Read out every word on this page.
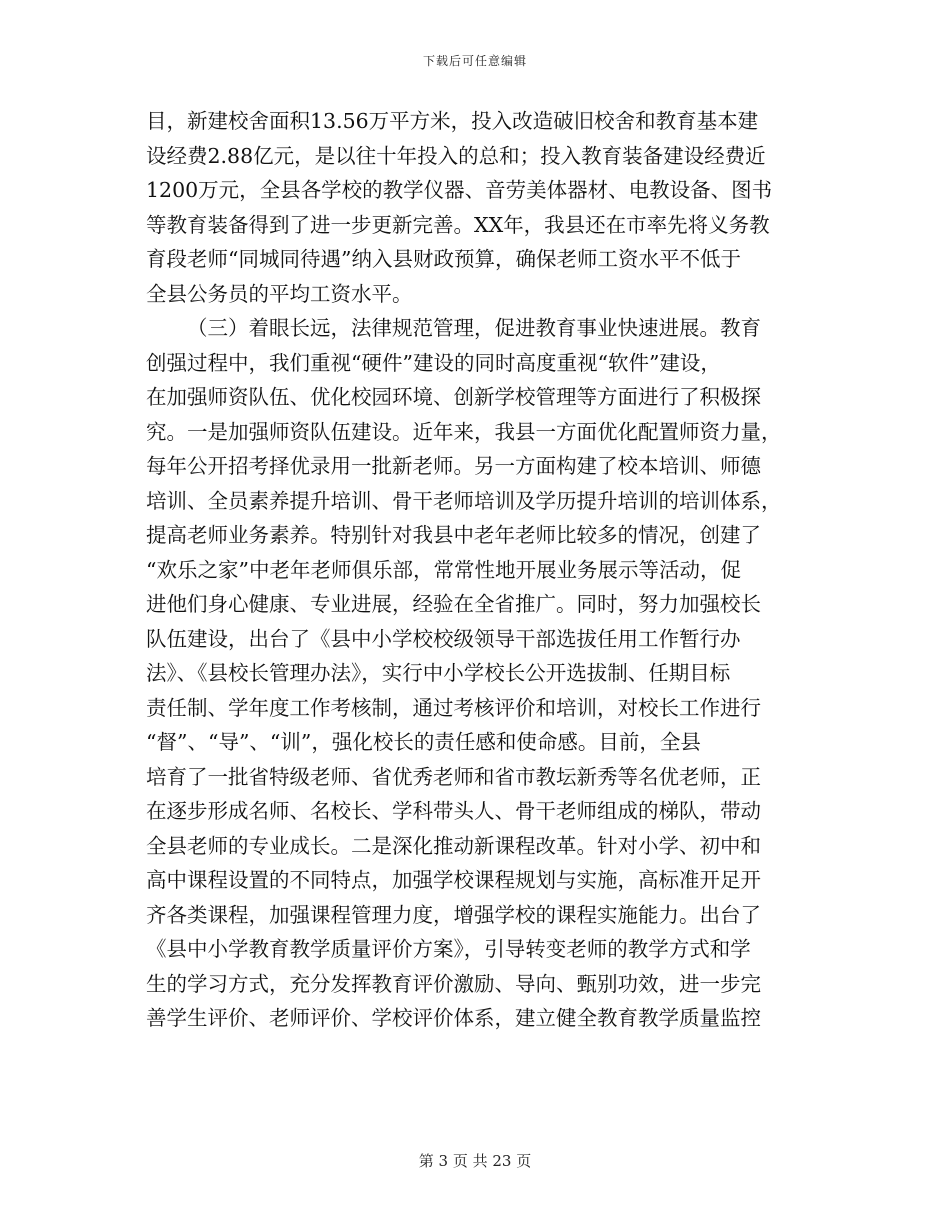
下载后可任意编辑
目，新建校舍面积13.56万平方米，投入改造破旧校舍和教育基本建
设经费2.88亿元，是以往十年投入的总和；投入教育装备建设经费近
1200万元，全县各学校的教学仪器、音劳美体器材、电教设备、图书
等教育装备得到了进一步更新完善。XX年，我县还在市率先将义务教
育段老师“同城同待遇”纳入县财政预算，确保老师工资水平不低于
全县公务员的平均工资水平。
（三）着眼长远，法律规范管理，促进教育事业快速进展。教育
创强过程中，我们重视“硬件”建设的同时高度重视“软件”建设，
在加强师资队伍、优化校园环境、创新学校管理等方面进行了积极探
究。一是加强师资队伍建设。近年来，我县一方面优化配置师资力量，
每年公开招考择优录用一批新老师。另一方面构建了校本培训、师德
培训、全员素养提升培训、骨干老师培训及学历提升培训的培训体系，
提高老师业务素养。特别针对我县中老年老师比较多的情况，创建了
“欢乐之家”中老年老师俱乐部，常常性地开展业务展示等活动，促
进他们身心健康、专业进展，经验在全省推广。同时，努力加强校长
队伍建设，出台了《县中小学校校级领导干部选拔任用工作暂行办
法》、《县校长管理办法》，实行中小学校长公开选拔制、任期目标
责任制、学年度工作考核制，通过考核评价和培训，对校长工作进行
“督”、“导”、“训”，强化校长的责任感和使命感。目前，全县
培育了一批省特级老师、省优秀老师和省市教坛新秀等名优老师，正
在逐步形成名师、名校长、学科带头人、骨干老师组成的梯队，带动
全县老师的专业成长。二是深化推动新课程改革。针对小学、初中和
高中课程设置的不同特点，加强学校课程规划与实施，高标准开足开
齐各类课程，加强课程管理力度，增强学校的课程实施能力。出台了
《县中小学教育教学质量评价方案》，引导转变老师的教学方式和学
生的学习方式，充分发挥教育评价激励、导向、甄别功效，进一步完
善学生评价、老师评价、学校评价体系，建立健全教育教学质量监控
第 3 页 共 23 页
